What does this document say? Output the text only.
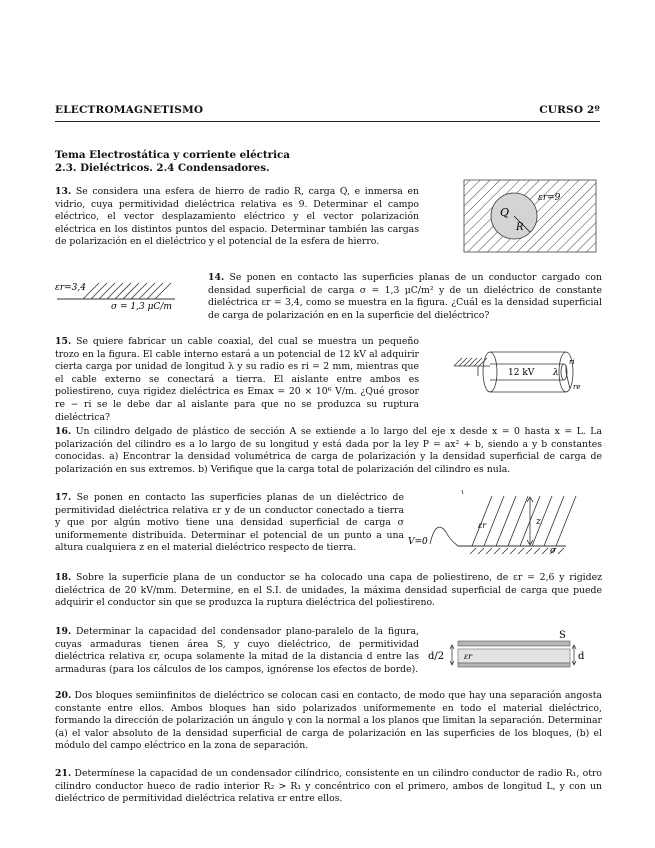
ELECTROMAGNETISMO	CURSO 2º
Tema Electrostática y corriente eléctrica
2.3. Dieléctricos. 2.4 Condensadores.
13. Se considera una esfera de hierro de radio R, carga Q, e inmersa en vidrio, cuya permitividad dieléctrica relativa es 9. Determinar el campo eléctrico, el vector desplazamiento eléctrico y el vector polarización eléctrica en los distintos puntos del espacio. Determinar también las cargas de polarización en el dieléctrico y el potencial de la esfera de hierro.
Q
R
εr=9
εr=3,4
σ = 1,3 μC/m
14. Se ponen en contacto las superficies planas de un conductor cargado con densidad superficial de carga σ = 1,3 μC/m² y de un dieléctrico de constante dieléctrica εr = 3,4, como se muestra en la figura. ¿Cuál es la densidad superficial de carga de polarización en en la superficie del dieléctrico?
15. Se quiere fabricar un cable coaxial, del cual se muestra un pequeño trozo en la figura. El cable interno estará a un potencial de 12 kV al adquirir cierta carga por unidad de longitud λ y su radio es ri = 2 mm, mientras que el cable externo se conectará a tierra. El aislante entre ambos es poliestireno, cuya rigidez dieléctrica es Emax = 20 × 10⁶ V/m. ¿Qué grosor re − ri se le debe dar al aislante para que no se produzca su ruptura dieléctrica?
12 kV λ
ri
re
16. Un cilindro delgado de plástico de sección A se extiende a lo largo del eje x desde x = 0 hasta x = L. La polarización del cilindro es a lo largo de su longitud y está dada por la ley P = ax² + b, siendo a y b constantes conocidas. a) Encontrar la densidad volumétrica de carga de polarización y la densidad superficial de carga de polarización en sus extremos. b) Verifique que la carga total de polarización del cilindro es nula.
17. Se ponen en contacto las superficies planas de un dieléctrico de permitividad dieléctrica relativa εr y de un conductor conectado a tierra y que por algún motivo tiene una densidad superficial de carga σ uniformemente distribuida. Determinar el potencial de un punto a una altura cualquiera z en el material dieléctrico respecto de tierra.
V=0
εr	z
σ
18. Sobre la superficie plana de un conductor se ha colocado una capa de poliestireno, de εr = 2,6 y rigidez dieléctrica de 20 kV/mm. Determine, en el S.I. de unidades, la máxima densidad superficial de carga que puede adquirir el conductor sin que se produzca la ruptura dieléctrica del poliestireno.
19. Determinar la capacidad del condensador plano-paralelo de la figura, cuyas armaduras tienen área S, y cuyo dieléctrico, de permitividad dieléctrica relativa εr, ocupa solamente la mitad de la distancia d entre las armaduras (para los cálculos de los campos, ignórense los efectos de borde).
S
d/2 εr	d
20. Dos bloques semiinfinitos de dieléctrico se colocan casi en contacto, de modo que hay una separación angosta constante entre ellos. Ambos bloques han sido polarizados uniformemente en todo el material dieléctrico, formando la dirección de polarización un ángulo γ con la normal a los planos que limitan la separación. Determinar (a) el valor absoluto de la densidad superficial de carga de polarización en las superficies de los bloques, (b) el módulo del campo eléctrico en la zona de separación.
21. Determínese la capacidad de un condensador cilíndrico, consistente en un cilindro conductor de radio R₁, otro cilindro conductor hueco de radio interior R₂ > R₁ y concéntrico con el primero, ambos de longitud L, y con un dieléctrico de permitividad dieléctrica relativa εr entre ellos.
